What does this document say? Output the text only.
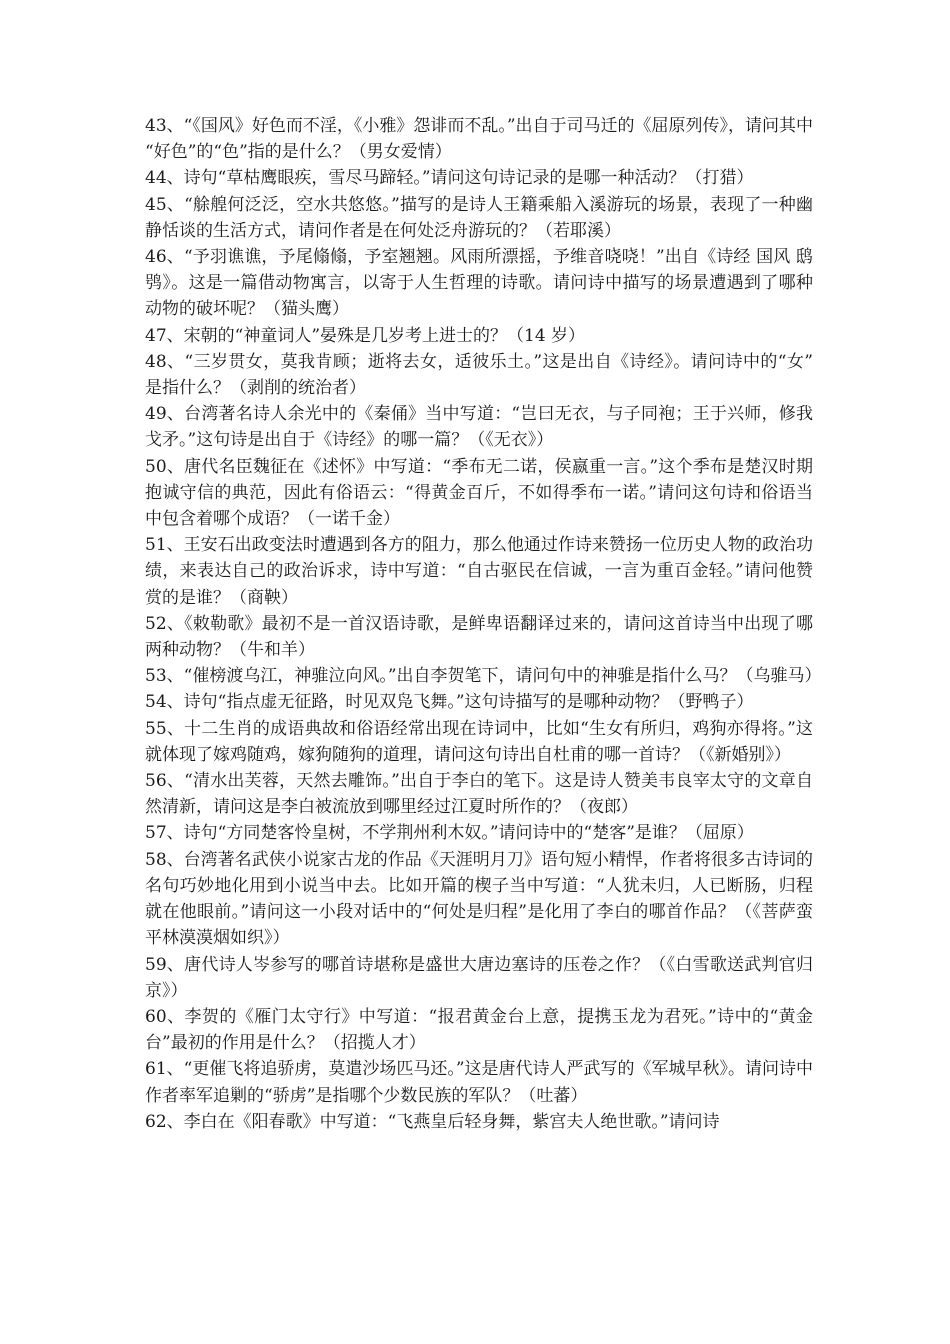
43、“《国风》好色而不淫，《小雅》怨诽而不乱。”出自于司马迁的《屈原列传》，请问其中“好色”的“色”指的是什么？（男女爱情）

44、诗句“草枯鹰眼疾，雪尽马蹄轻。”请问这句诗记录的是哪一种活动？（打猎）

45、“艅艎何泛泛，空水共悠悠。”描写的是诗人王籍乘船入溪游玩的场景，表现了一种幽静恬谈的生活方式，请问作者是在何处泛舟游玩的？（若耶溪）

46、“予羽谯谯，予尾翛翛，予室翘翘。风雨所漂摇，予维音哓哓！”出自《诗经 国风 鸱鸮》。这是一篇借动物寓言，以寄于人生哲理的诗歌。请问诗中描写的场景遭遇到了哪种动物的破坏呢？（猫头鹰）

47、宋朝的“神童词人”晏殊是几岁考上进士的？（14 岁）

48、“三岁贯女，莫我肯顾；逝将去女，适彼乐土。”这是出自《诗经》。请问诗中的“女”是指什么？（剥削的统治者）

49、台湾著名诗人余光中的《秦俑》当中写道：“岂曰无衣，与子同袍；王于兴师，修我戈矛。”这句诗是出自于《诗经》的哪一篇？（《无衣》）

50、唐代名臣魏征在《述怀》中写道：“季布无二诺，侯嬴重一言。”这个季布是楚汉时期抱诚守信的典范，因此有俗语云：“得黄金百斤，不如得季布一诺。”请问这句诗和俗语当中包含着哪个成语？（一诺千金）

51、王安石出政变法时遭遇到各方的阻力，那么他通过作诗来赞扬一位历史人物的政治功绩，来表达自己的政治诉求，诗中写道：“自古驱民在信诚，一言为重百金轻。”请问他赞赏的是谁？（商鞅）

52、《敕勒歌》最初不是一首汉语诗歌，是鲜卑语翻译过来的，请问这首诗当中出现了哪两种动物？（牛和羊）

53、“催榜渡乌江，神骓泣向风。”出自李贺笔下，请问句中的神骓是指什么马？（乌骓马）

54、诗句“指点虚无征路，时见双凫飞舞。”这句诗描写的是哪种动物？（野鸭子）

55、十二生肖的成语典故和俗语经常出现在诗词中，比如“生女有所归，鸡狗亦得将。”这就体现了嫁鸡随鸡，嫁狗随狗的道理，请问这句诗出自杜甫的哪一首诗？（《新婚别》）

56、“清水出芙蓉，天然去雕饰。”出自于李白的笔下。这是诗人赞美韦良宰太守的文章自然清新，请问这是李白被流放到哪里经过江夏时所作的？（夜郎）

57、诗句“方同楚客怜皇树，不学荆州利木奴。”请问诗中的“楚客”是谁？（屈原）

58、台湾著名武侠小说家古龙的作品《天涯明月刀》语句短小精悍，作者将很多古诗词的名句巧妙地化用到小说当中去。比如开篇的楔子当中写道：“人犹未归，人已断肠，归程就在他眼前。”请问这一小段对话中的“何处是归程”是化用了李白的哪首作品？（《菩萨蛮 平林漠漠烟如织》）

59、唐代诗人岑参写的哪首诗堪称是盛世大唐边塞诗的压卷之作？（《白雪歌送武判官归京》）

60、李贺的《雁门太守行》中写道：“报君黄金台上意，提携玉龙为君死。”诗中的“黄金台”最初的作用是什么？（招揽人才）

61、“更催飞将追骄虏，莫遣沙场匹马还。”这是唐代诗人严武写的《军城早秋》。请问诗中作者率军追剿的“骄虏”是指哪个少数民族的军队？（吐蕃）

62、李白在《阳春歌》中写道：“飞燕皇后轻身舞，紫宫夫人绝世歌。”请问诗
